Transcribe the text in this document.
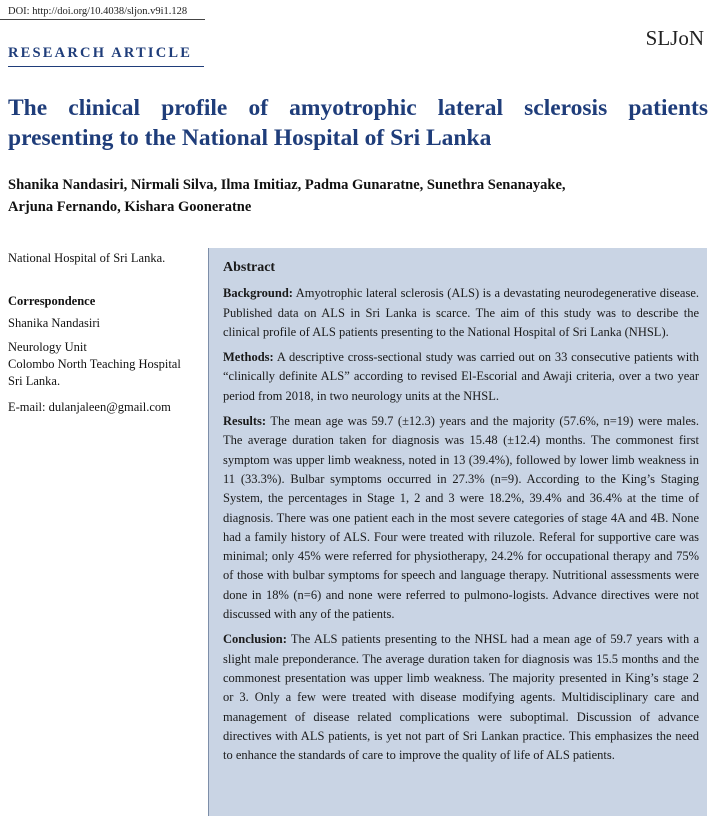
DOI: http://doi.org/10.4038/sljon.v9i1.128
SLJoN
RESEARCH ARTICLE
The clinical profile of amyotrophic lateral sclerosis patients presenting to the National Hospital of Sri Lanka
Shanika Nandasiri, Nirmali Silva, Ilma Imitiaz, Padma Gunaratne, Sunethra Senanayake,
Arjuna Fernando, Kishara Gooneratne

National Hospital of Sri Lanka.

Correspondence

Shanika Nandasiri

Neurology Unit
Colombo North Teaching Hospital
Sri Lanka.

E-mail: dulanjaleen@gmail.com

Abstract

Background: Amyotrophic lateral sclerosis (ALS) is a devastating neurodegenerative disease. Published data on ALS in Sri Lanka is scarce. The aim of this study was to describe the clinical profile of ALS patients presenting to the National Hospital of Sri Lanka (NHSL).

Methods: A descriptive cross-sectional study was carried out on 33 consecutive patients with “clinically definite ALS” according to revised El-Escorial and Awaji criteria, over a two year period from 2018, in two neurology units at the NHSL.

Results: The mean age was 59.7 (±12.3) years and the majority (57.6%, n=19) were males. The average duration taken for diagnosis was 15.48 (±12.4) months. The commonest first symptom was upper limb weakness, noted in 13 (39.4%), followed by lower limb weakness in 11 (33.3%). Bulbar symptoms occurred in 27.3% (n=9). According to the King’s Staging System, the percentages in Stage 1, 2 and 3 were 18.2%, 39.4% and 36.4% at the time of diagnosis. There was one patient each in the most severe categories of stage 4A and 4B. None had a family history of ALS. Four were treated with riluzole. Referal for supportive care was minimal; only 45% were referred for physiotherapy, 24.2% for occupational therapy and 75% of those with bulbar symptoms for speech and language therapy. Nutritional assessments were done in 18% (n=6) and none were referred to pulmono-logists. Advance directives were not discussed with any of the patients.

Conclusion: The ALS patients presenting to the NHSL had a mean age of 59.7 years with a slight male preponderance. The average duration taken for diagnosis was 15.5 months and the commonest presentation was upper limb weakness. The majority presented in King’s stage 2 or 3. Only a few were treated with disease modifying agents. Multidisciplinary care and management of disease related complications were suboptimal. Discussion of advance directives with ALS patients, is yet not part of Sri Lankan practice. This emphasizes the need to enhance the standards of care to improve the quality of life of ALS patients.
